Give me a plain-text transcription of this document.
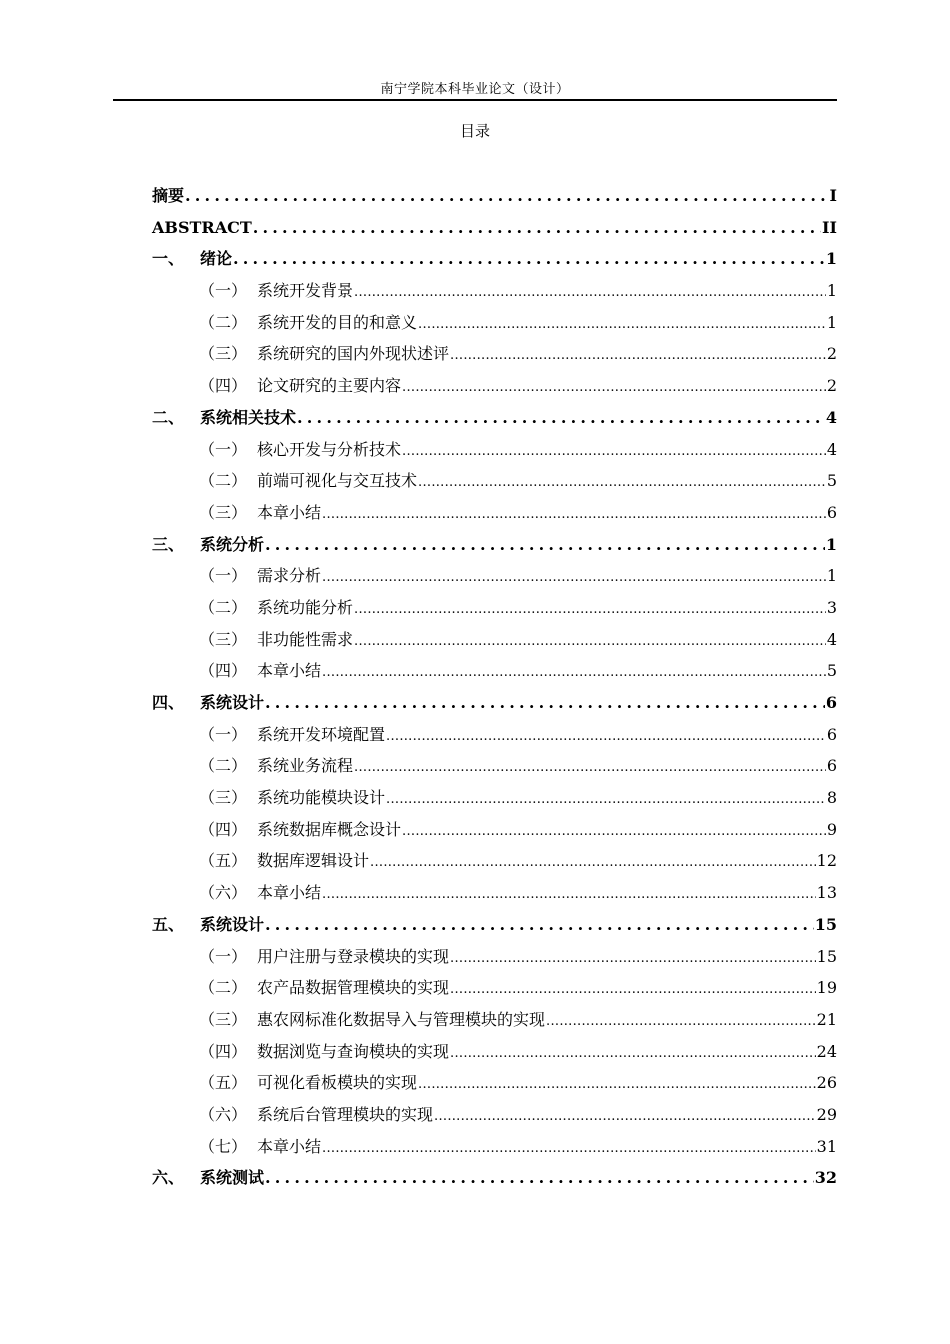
南宁学院本科毕业论文（设计）
目录
摘要 .....	I
ABSTRACT .....	II
一、 绪论 .....	1
（一） 系统开发背景 .....	1
（二） 系统开发的目的和意义 .....	1
（三） 系统研究的国内外现状述评 .....	2
（四） 论文研究的主要内容 .....	2
二、 系统相关技术 .....	4
（一） 核心开发与分析技术 .....	4
（二） 前端可视化与交互技术 .....	5
（三） 本章小结 .....	6
三、 系统分析 .....	1
（一） 需求分析 .....	1
（二） 系统功能分析 .....	3
（三） 非功能性需求 .....	4
（四） 本章小结 .....	5
四、 系统设计 .....	6
（一） 系统开发环境配置 .....	6
（二） 系统业务流程 .....	6
（三） 系统功能模块设计 .....	8
（四） 系统数据库概念设计 .....	9
（五） 数据库逻辑设计 .....	12
（六） 本章小结 .....	13
五、 系统设计 .....	15
（一） 用户注册与登录模块的实现 .....	15
（二） 农产品数据管理模块的实现 .....	19
（三） 惠农网标准化数据导入与管理模块的实现 .....	21
（四） 数据浏览与查询模块的实现 .....	24
（五） 可视化看板模块的实现 .....	26
（六） 系统后台管理模块的实现 .....	29
（七） 本章小结 .....	31
六、 系统测试 .....	32
